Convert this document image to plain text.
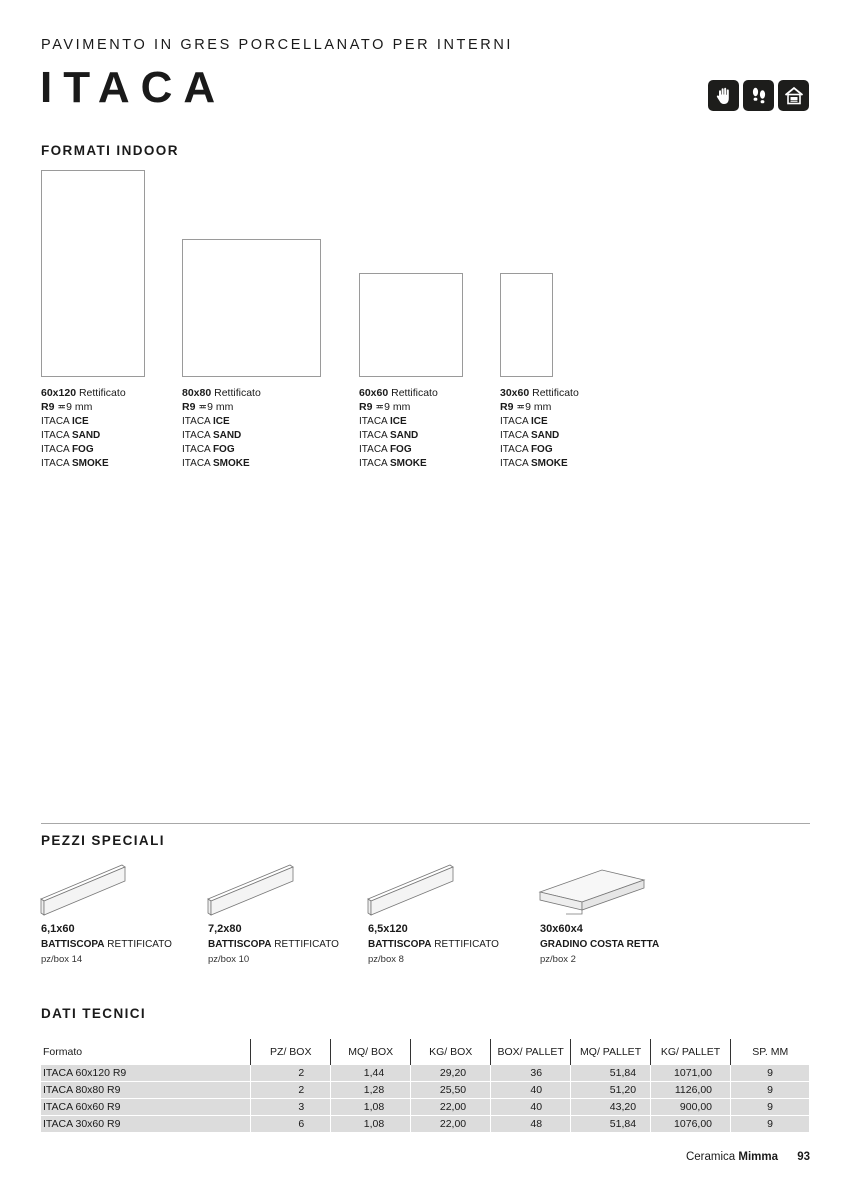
PAVIMENTO IN GRES PORCELLANATO PER INTERNI
ITACA
FORMATI INDOOR
60x120 Rettificato
R9 ≖9 mm
ITACA ICE
ITACA SAND
ITACA FOG
ITACA SMOKE
80x80 Rettificato
R9 ≖9 mm
ITACA ICE
ITACA SAND
ITACA FOG
ITACA SMOKE
60x60 Rettificato
R9 ≖9 mm
ITACA ICE
ITACA SAND
ITACA FOG
ITACA SMOKE
30x60 Rettificato
R9 ≖9 mm
ITACA ICE
ITACA SAND
ITACA FOG
ITACA SMOKE
PEZZI SPECIALI
6,1x60
BATTISCOPA RETTIFICATO
pz/box 14
7,2x80
BATTISCOPA RETTIFICATO
pz/box 10
6,5x120
BATTISCOPA RETTIFICATO
pz/box 8
30x60x4
GRADINO COSTA RETTA
pz/box 2
DATI TECNICI
Formato	PZ/ BOX	MQ/ BOX	KG/ BOX	BOX/ PALLET	MQ/ PALLET	KG/ PALLET	SP. MM
ITACA 60x120 R9	2	1,44	29,20	36	51,84	1071,00	9
ITACA 80x80 R9	2	1,28	25,50	40	51,20	1126,00	9
ITACA 60x60 R9	3	1,08	22,00	40	43,20	900,00	9
ITACA 30x60 R9	6	1,08	22,00	48	51,84	1076,00	9
Ceramica Mimma 93
